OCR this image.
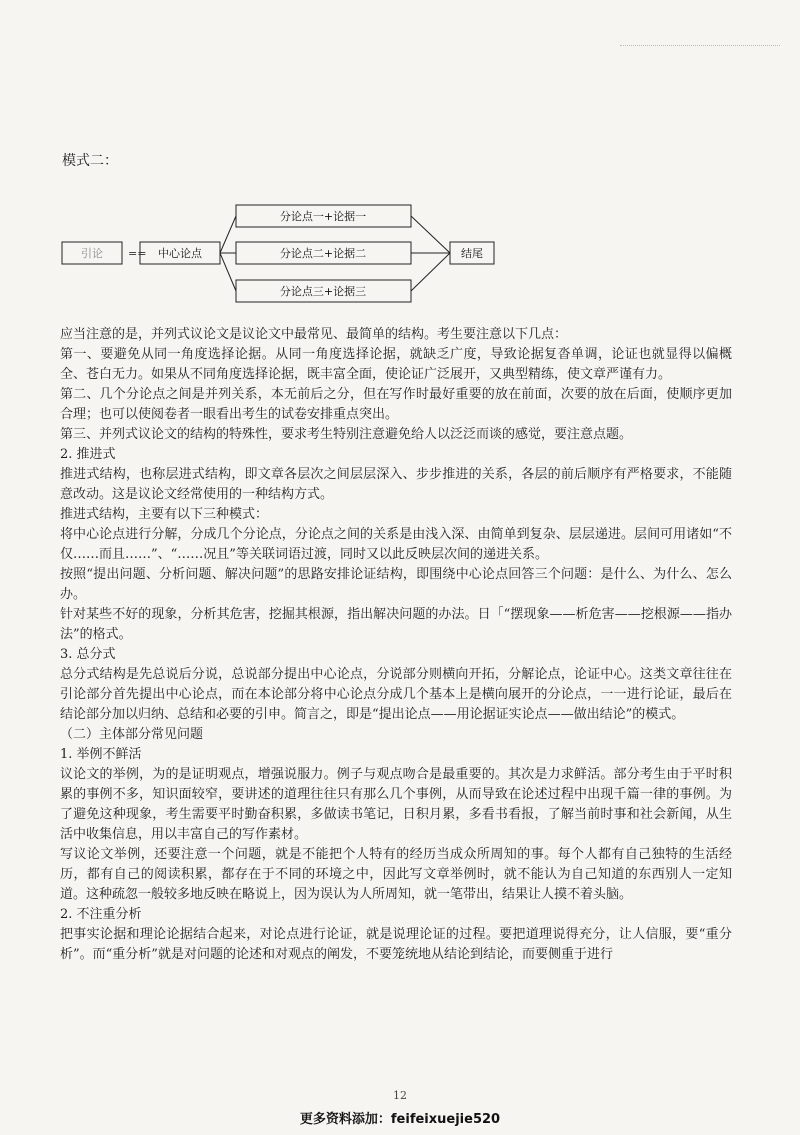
模式二：
引论 == 中心论点
分论点一+论据一
分论点二+论据二
分论点三+论据三
结尾

应当注意的是，并列式议论文是议论文中最常见、最简单的结构。考生要注意以下几点：

第一、要避免从同一角度选择论据。从同一角度选择论据，就缺乏广度，导致论据复沓单调，论证也就显得以偏概全、苍白无力。如果从不同角度选择论据，既丰富全面，使论证广泛展开，又典型精练，使文章严谨有力。

第二、几个分论点之间是并列关系，本无前后之分，但在写作时最好重要的放在前面，次要的放在后面，使顺序更加合理；也可以使阅卷者一眼看出考生的试卷安排重点突出。

第三、并列式议论文的结构的特殊性，要求考生特别注意避免给人以泛泛而谈的感觉，要注意点题。

2. 推进式

推进式结构，也称层进式结构，即文章各层次之间层层深入、步步推进的关系，各层的前后顺序有严格要求，不能随意改动。这是议论文经常使用的一种结构方式。

推进式结构，主要有以下三种模式：

将中心论点进行分解，分成几个分论点，分论点之间的关系是由浅入深、由简单到复杂、层层递进。层间可用诸如“不仅……而且……”、“……况且”等关联词语过渡，同时又以此反映层次间的递进关系。

按照“提出问题、分析问题、解决问题”的思路安排论证结构，即围绕中心论点回答三个问题：是什么、为什么、怎么办。

针对某些不好的现象，分析其危害，挖掘其根源，指出解决问题的办法。日「“摆现象——析危害——挖根源——指办法”的格式。

3. 总分式

总分式结构是先总说后分说，总说部分提出中心论点，分说部分则横向开拓，分解论点，论证中心。这类文章往往在引论部分首先提出中心论点，而在本论部分将中心论点分成几个基本上是横向展开的分论点，一一进行论证，最后在结论部分加以归纳、总结和必要的引申。简言之，即是“提出论点——用论据证实论点——做出结论”的模式。

（二）主体部分常见问题

1. 举例不鲜活

议论文的举例，为的是证明观点，增强说服力。例子与观点吻合是最重要的。其次是力求鲜活。部分考生由于平时积累的事例不多，知识面较窄，要讲述的道理往往只有那么几个事例，从而导致在论述过程中出现千篇一律的事例。为了避免这种现象，考生需要平时勤奋积累，多做读书笔记，日积月累，多看书看报，了解当前时事和社会新闻，从生活中收集信息，用以丰富自己的写作素材。

写议论文举例，还要注意一个问题，就是不能把个人特有的经历当成众所周知的事。每个人都有自己独特的生活经历，都有自己的阅读积累，都存在于不同的环境之中，因此写文章举例时，就不能认为自己知道的东西别人一定知道。这种疏忽一般较多地反映在略说上，因为误认为人所周知，就一笔带出，结果让人摸不着头脑。

2. 不注重分析

把事实论据和理论论据结合起来，对论点进行论证，就是说理论证的过程。要把道理说得充分，让人信服，要“重分析”。而“重分析”就是对问题的论述和对观点的阐发，不要笼统地从结论到结论，而要侧重于进行

12
更多资料添加：feifeixuejie520
